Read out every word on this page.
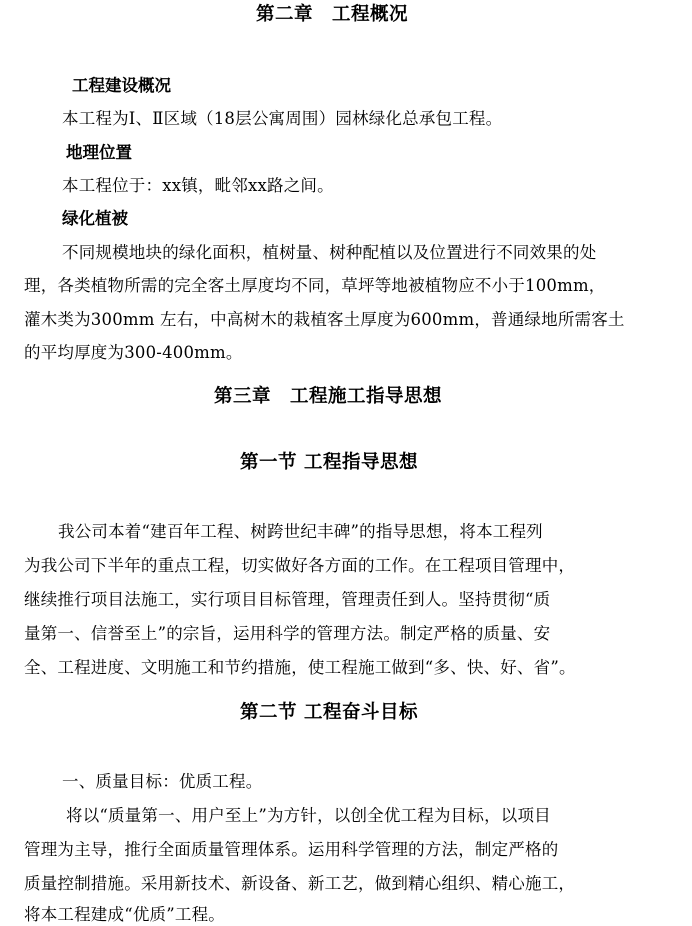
第二章　工程概况
工程建设概况
本工程为Ⅰ、Ⅱ区域（18层公寓周围）园林绿化总承包工程。
地理位置
本工程位于：xx镇，毗邻xx路之间。
绿化植被
不同规模地块的绿化面积，植树量、树种配植以及位置进行不同效果的处
理，各类植物所需的完全客土厚度均不同，草坪等地被植物应不小于100mm，
灌木类为300mm 左右，中高树木的栽植客土厚度为600mm，普通绿地所需客土
的平均厚度为300-400mm。
第三章　工程施工指导思想
第一节 工程指导思想
我公司本着“建百年工程、树跨世纪丰碑”的指导思想，将本工程列
为我公司下半年的重点工程，切实做好各方面的工作。在工程项目管理中，
继续推行项目法施工，实行项目目标管理，管理责任到人。坚持贯彻“质
量第一、信誉至上”的宗旨，运用科学的管理方法。制定严格的质量、安
全、工程进度、文明施工和节约措施，使工程施工做到“多、快、好、省”。
第二节 工程奋斗目标
一、质量目标：优质工程。
将以“质量第一、用户至上”为方针，以创全优工程为目标，以项目
管理为主导，推行全面质量管理体系。运用科学管理的方法，制定严格的
质量控制措施。采用新技术、新设备、新工艺，做到精心组织、精心施工，
将本工程建成“优质”工程。
